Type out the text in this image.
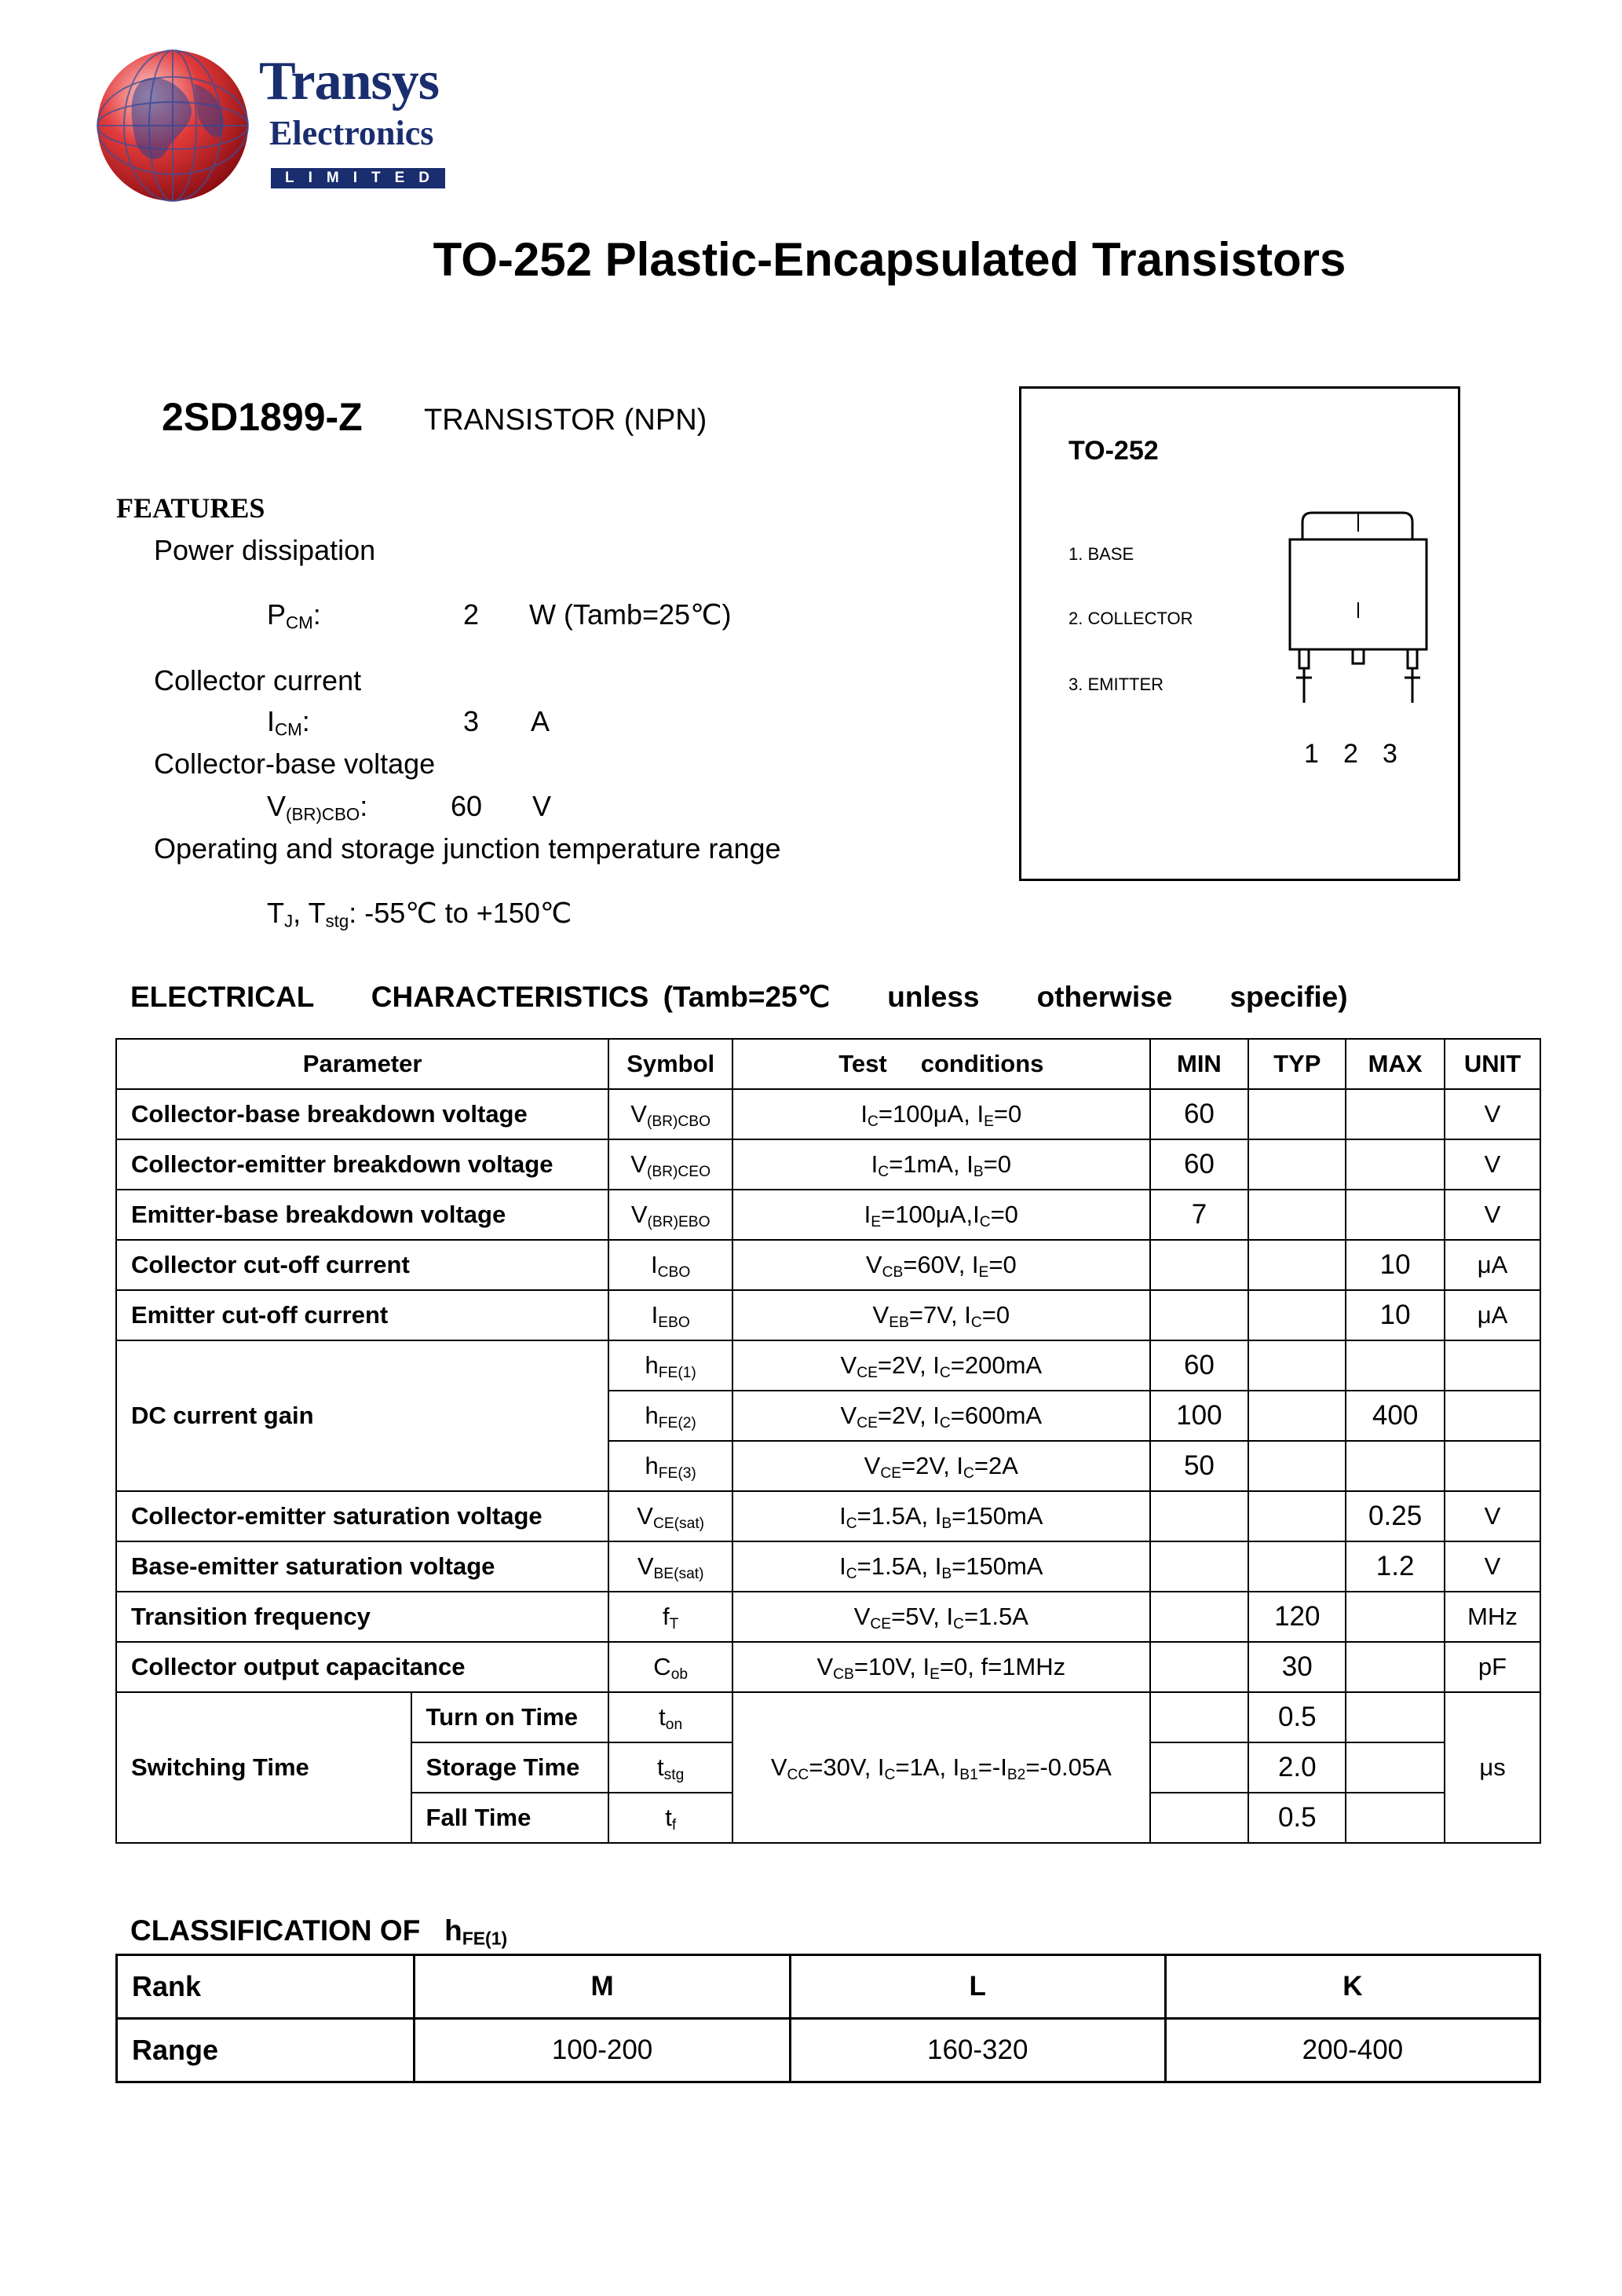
Transys
Electronics
LIMITED
TO-252 Plastic-Encapsulated Transistors
2SD1899-Z TRANSISTOR (NPN)
FEATURES
Power dissipation
$P_{CM}$:	2 W (Tamb=25℃)
Collector current
$I_{CM}$:	3 A
Collector-base voltage
$V_{(BR)CBO}$:	60 V
Operating and storage junction temperature range
$T_J$, $T_{stg}$: -55℃ to +150℃
TO-252
1. BASE
2. COLLECTOR
3. EMITTER
1 2 3
ELECTRICAL    CHARACTERISTICS (Tamb=25℃    unless    otherwise    specifie)
Parameter		Symbol	Test     conditions	MIN	TYP	MAX	UNIT
Collector-base breakdown voltage		$V_{(BR)CBO}$	$I_C=100\mu A$, $I_E=0$	60			V
Collector-emitter breakdown voltage		$V_{(BR)CEO}$	$I_C=1mA$, $I_B=0$	60			V
Emitter-base breakdown voltage		$V_{(BR)EBO}$	$I_E=100\mu A,I_C=0$	7			V
Collector cut-off current		$I_{CBO}$	$V_{CB}=60V$, $I_E=0$			10	μA
Emitter cut-off current		$I_{EBO}$	$V_{EB}=7V$, $I_C=0$			10	μA
DC current gain		$h_{FE(1)}$	$V_{CE}=2V$, $I_C=200mA$	60			
		$h_{FE(2)}$	$V_{CE}=2V$, $I_C=600mA$	100		400	
		$h_{FE(3)}$	$V_{CE}=2V$, $I_C=2A$	50			
Collector-emitter saturation voltage		$V_{CE(sat)}$	$I_C=1.5A$, $I_B=150mA$			0.25	V
Base-emitter saturation voltage		$V_{BE(sat)}$	$I_C=1.5A$, $I_B=150mA$			1.2	V
Transition frequency		$f_T$	$V_{CE}=5V$, $I_C=1.5A$		120		MHz
Collector output capacitance		$C_{ob}$	$V_{CB}=10V$, $I_E=0$, f=1MHz		30		pF
Switching Time	Turn on Time	$t_{on}$	$V_{CC}=30V$, $I_C=1A$, $I_{B1}=-I_{B2}=-0.05A$		0.5		μs
	Storage Time	$t_{stg}$			2.0		
	Fall Time	$t_f$			0.5		
CLASSIFICATION OF $h_{FE(1)}$
Rank	M	L	K
Range	100-200	160-320	200-400
